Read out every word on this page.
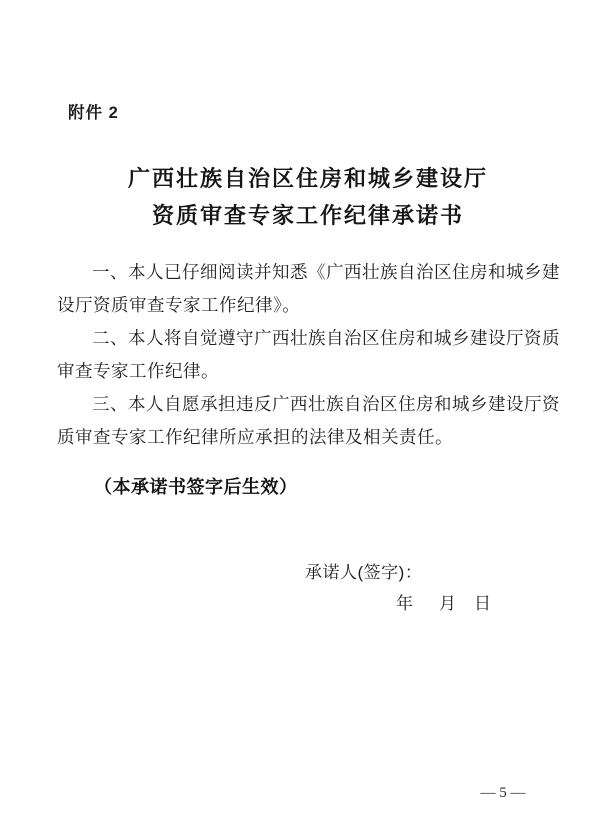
附件 2
广西壮族自治区住房和城乡建设厅
资质审查专家工作纪律承诺书

一、本人已仔细阅读并知悉《广西壮族自治区住房和城乡建设厅资质审查专家工作纪律》。

二、本人将自觉遵守广西壮族自治区住房和城乡建设厅资质审查专家工作纪律。

三、本人自愿承担违反广西壮族自治区住房和城乡建设厅资质审查专家工作纪律所应承担的法律及相关责任。

（本承诺书签字后生效）
承诺人(签字)：
年 月 日
— 5 —
